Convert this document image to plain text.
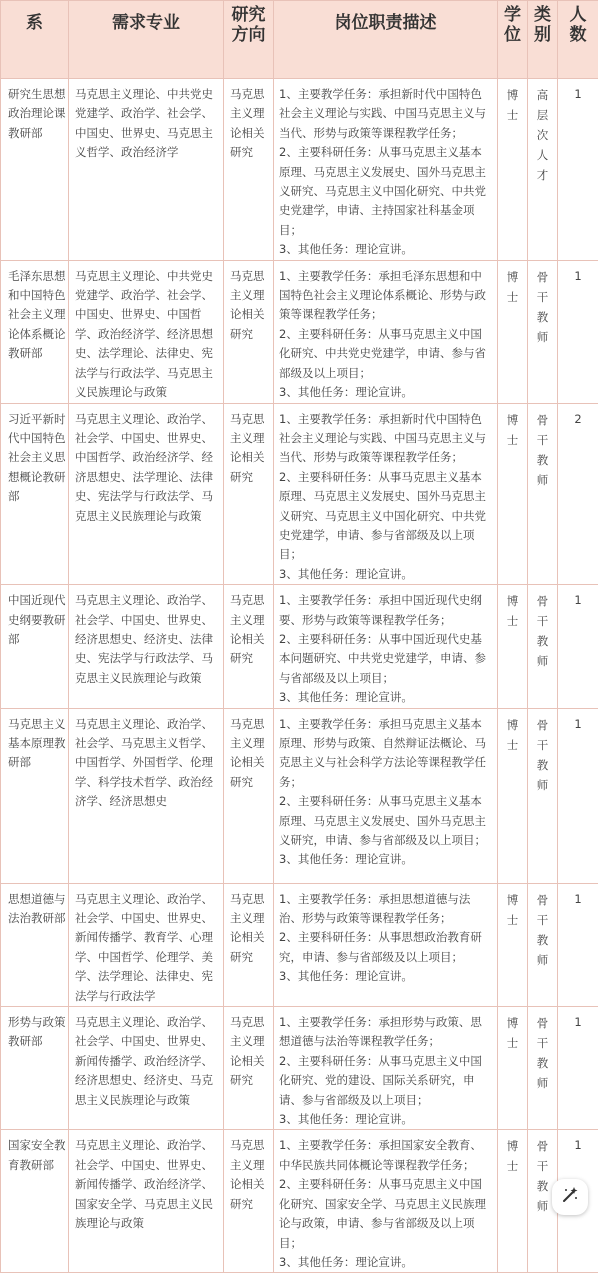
系	需求专业	研究方向	岗位职责描述	学位	类别	人数

研究生思想政治理论课教研部	马克思主义理论、中共党史党建学、政治学、社会学、中国史、世界史、马克思主义哲学、政治经济学	马克思主义理论相关研究	1、主要教学任务：承担新时代中国特色社会主义理论与实践、中国马克思主义与当代、形势与政策等课程教学任务；
2、主要科研任务：从事马克思主义基本原理、马克思主义发展史、国外马克思主义研究、马克思主义中国化研究、中共党史党建学，申请、主持国家社科基金项目；
3、其他任务：理论宣讲。	博士	高层次人才	1
毛泽东思想和中国特色社会主义理论体系概论教研部	马克思主义理论、中共党史党建学、政治学、社会学、中国史、世界史、中国哲学、政治经济学、经济思想史、法学理论、法律史、宪法学与行政法学、马克思主义民族理论与政策	马克思主义理论相关研究	1、主要教学任务：承担毛泽东思想和中国特色社会主义理论体系概论、形势与政策等课程教学任务；
2、主要科研任务：从事马克思主义中国化研究、中共党史党建学，申请、参与省部级及以上项目；
3、其他任务：理论宣讲。	博士	骨干教师	1
习近平新时代中国特色社会主义思想概论教研部	马克思主义理论、政治学、社会学、中国史、世界史、中国哲学、政治经济学、经济思想史、法学理论、法律史、宪法学与行政法学、马克思主义民族理论与政策	马克思主义理论相关研究	1、主要教学任务：承担新时代中国特色社会主义理论与实践、中国马克思主义与当代、形势与政策等课程教学任务；
2、主要科研任务：从事马克思主义基本原理、马克思主义发展史、国外马克思主义研究、马克思主义中国化研究、中共党史党建学，申请、参与省部级及以上项目；
3、其他任务：理论宣讲。	博士	骨干教师	2
中国近现代史纲要教研部	马克思主义理论、政治学、社会学、中国史、世界史、经济思想史、经济史、法律史、宪法学与行政法学、马克思主义民族理论与政策	马克思主义理论相关研究	1、主要教学任务：承担中国近现代史纲要、形势与政策等课程教学任务；
2、主要科研任务：从事中国近现代史基本问题研究、中共党史党建学，申请、参与省部级及以上项目；
3、其他任务：理论宣讲。	博士	骨干教师	1
马克思主义基本原理教研部	马克思主义理论、政治学、社会学、马克思主义哲学、中国哲学、外国哲学、伦理学、科学技术哲学、政治经济学、经济思想史	马克思主义理论相关研究	1、主要教学任务：承担马克思主义基本原理、形势与政策、自然辩证法概论、马克思主义与社会科学方法论等课程教学任务；
2、主要科研任务：从事马克思主义基本原理、马克思主义发展史、国外马克思主义研究，申请、参与省部级及以上项目；
3、其他任务：理论宣讲。	博士	骨干教师	1
思想道德与法治教研部	马克思主义理论、政治学、社会学、中国史、世界史、新闻传播学、教育学、心理学、中国哲学、伦理学、美学、法学理论、法律史、宪法学与行政法学	马克思主义理论相关研究	1、主要教学任务：承担思想道德与法治、形势与政策等课程教学任务；
2、主要科研任务：从事思想政治教育研究，申请、参与省部级及以上项目；
3、其他任务：理论宣讲。	博士	骨干教师	1
形势与政策教研部	马克思主义理论、政治学、社会学、中国史、世界史、新闻传播学、政治经济学、经济思想史、经济史、马克思主义民族理论与政策	马克思主义理论相关研究	1、主要教学任务：承担形势与政策、思想道德与法治等课程教学任务；
2、主要科研任务：从事马克思主义中国化研究、党的建设、国际关系研究，申请、参与省部级及以上项目；
3、其他任务：理论宣讲。	博士	骨干教师	1
国家安全教育教研部	马克思主义理论、政治学、社会学、中国史、世界史、新闻传播学、政治经济学、国家安全学、马克思主义民族理论与政策	马克思主义理论相关研究	1、主要教学任务：承担国家安全教育、中华民族共同体概论等课程教学任务；
2、主要科研任务：从事马克思主义中国化研究、国家安全学、马克思主义民族理论与政策，申请、参与省部级及以上项目；
3、其他任务：理论宣讲。	博士	骨干教师	1
